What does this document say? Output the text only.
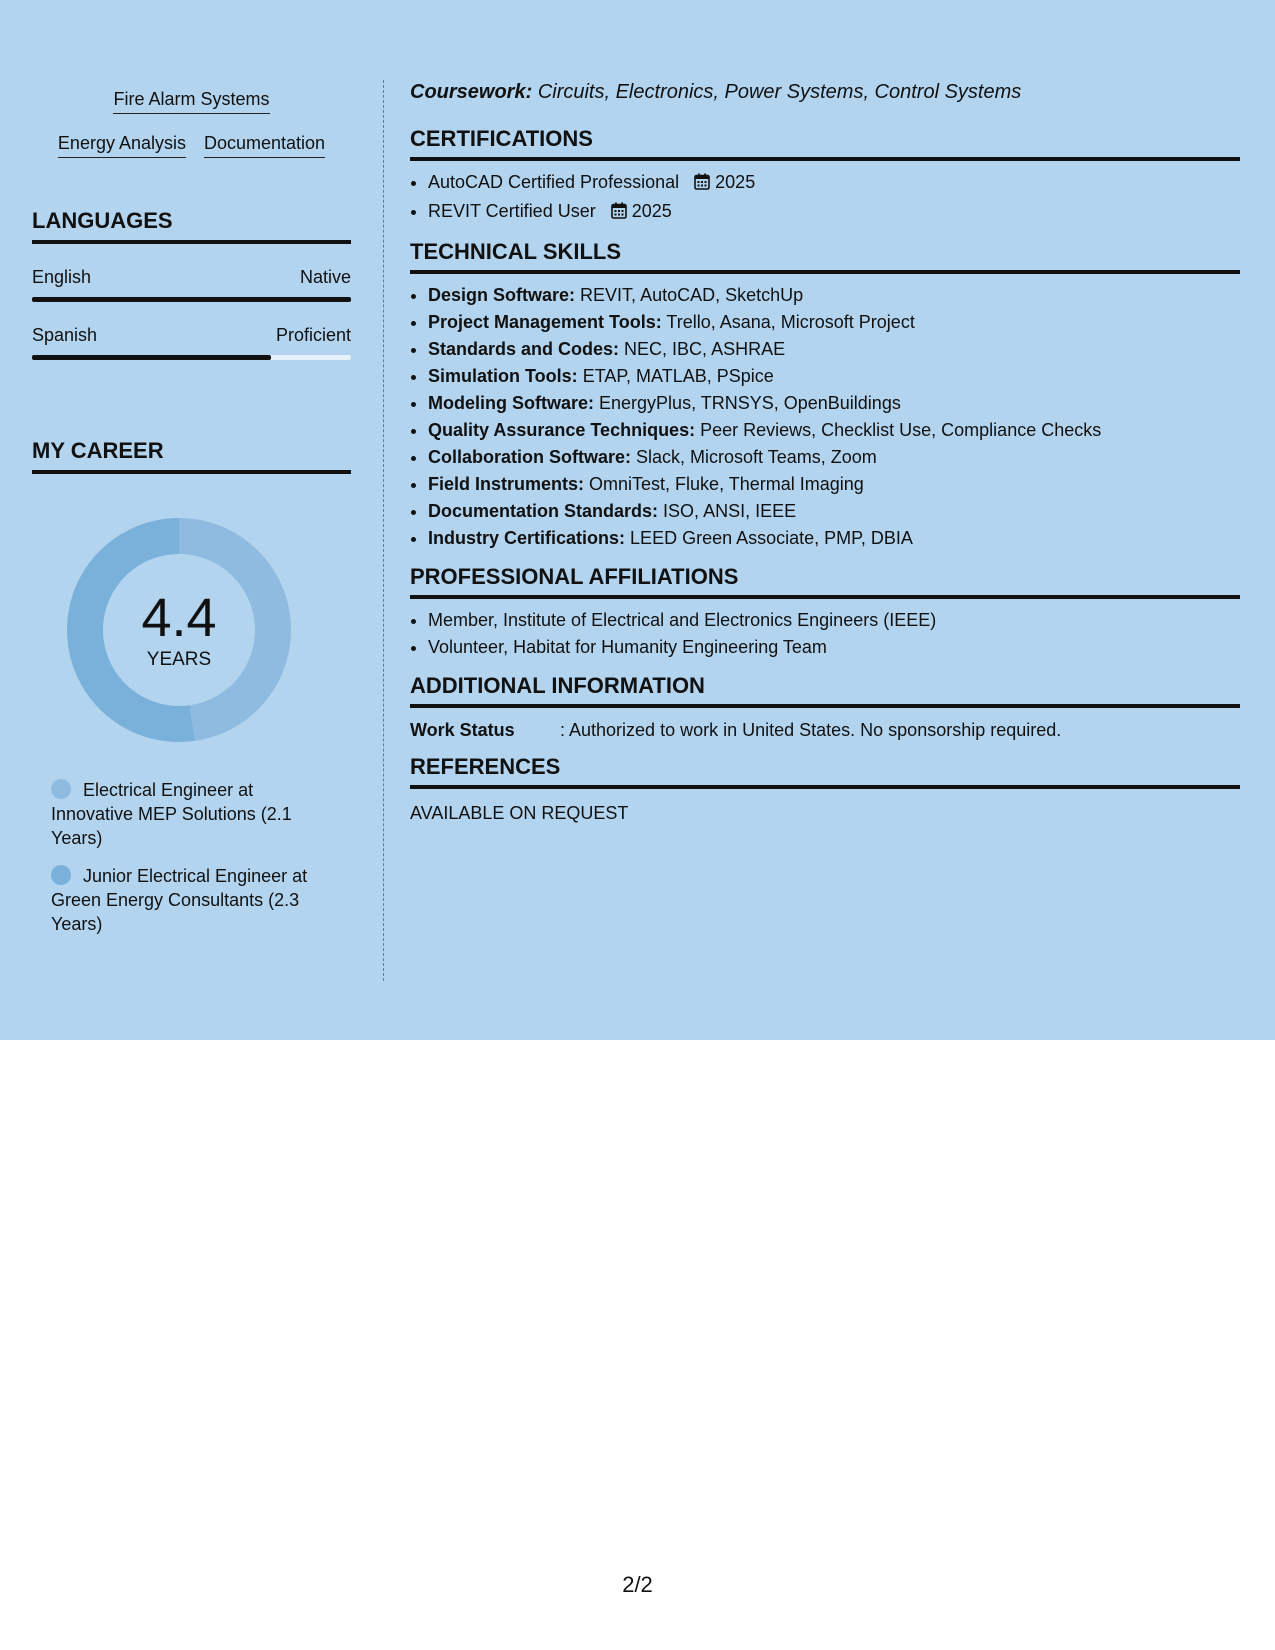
Fire Alarm Systems
Energy Analysis Documentation
LANGUAGES
English	Native
Spanish	Proficient
MY CAREER
4.4
YEARS
Electrical Engineer at Innovative MEP Solutions (2.1 Years)
Junior Electrical Engineer at Green Energy Consultants (2.3 Years)
Coursework: Circuits, Electronics, Power Systems, Control Systems
CERTIFICATIONS
• AutoCAD Certified Professional 2025
• REVIT Certified User 2025
TECHNICAL SKILLS
• Design Software: REVIT, AutoCAD, SketchUp
• Project Management Tools: Trello, Asana, Microsoft Project
• Standards and Codes: NEC, IBC, ASHRAE
• Simulation Tools: ETAP, MATLAB, PSpice
• Modeling Software: EnergyPlus, TRNSYS, OpenBuildings
• Quality Assurance Techniques: Peer Reviews, Checklist Use, Compliance Checks
• Collaboration Software: Slack, Microsoft Teams, Zoom
• Field Instruments: OmniTest, Fluke, Thermal Imaging
• Documentation Standards: ISO, ANSI, IEEE
• Industry Certifications: LEED Green Associate, PMP, DBIA
PROFESSIONAL AFFILIATIONS
• Member, Institute of Electrical and Electronics Engineers (IEEE)
• Volunteer, Habitat for Humanity Engineering Team
ADDITIONAL INFORMATION
Work Status	: Authorized to work in United States. No sponsorship required.
REFERENCES
AVAILABLE ON REQUEST
2/2
